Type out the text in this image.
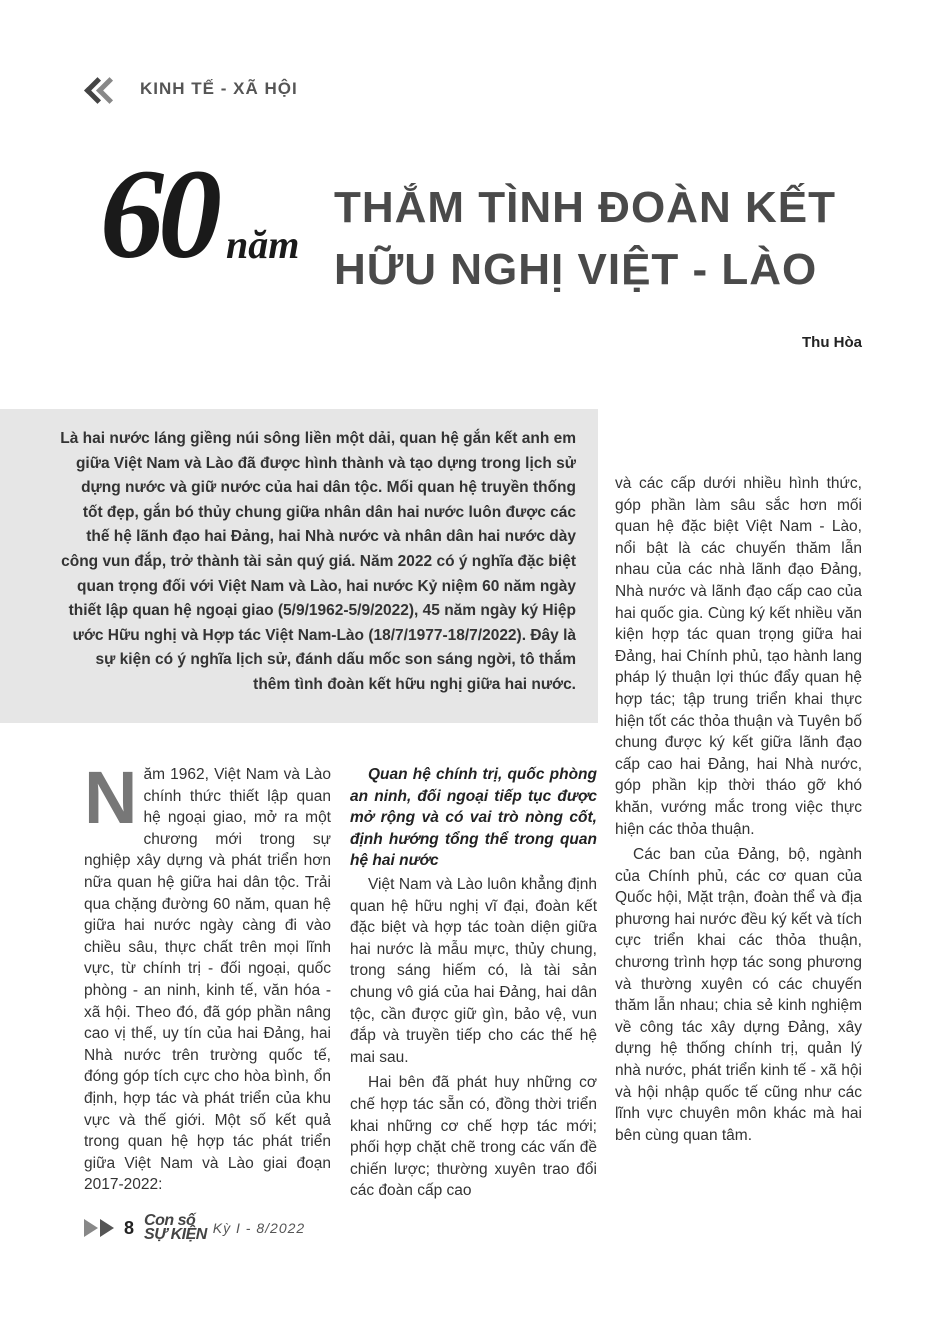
KINH TẾ - XÃ HỘI
60 năm
THẮM TÌNH ĐOÀN KẾT
HỮU NGHỊ VIỆT - LÀO
Thu Hòa

Là hai nước láng giềng núi sông liền một dải, quan hệ gắn kết anh em giữa Việt Nam và Lào đã được hình thành và tạo dựng trong lịch sử dựng nước và giữ nước của hai dân tộc. Mối quan hệ truyền thống tốt đẹp, gắn bó thủy chung giữa nhân dân hai nước luôn được các thế hệ lãnh đạo hai Đảng, hai Nhà nước và nhân dân hai nước dày công vun đắp, trở thành tài sản quý giá. Năm 2022 có ý nghĩa đặc biệt quan trọng đối với Việt Nam và Lào, hai nước Kỷ niệm 60 năm ngày thiết lập quan hệ ngoại giao (5/9/1962-5/9/2022), 45 năm ngày ký Hiệp ước Hữu nghị và Hợp tác Việt Nam-Lào (18/7/1977-18/7/2022). Đây là sự kiện có ý nghĩa lịch sử, đánh dấu mốc son sáng ngời, tô thắm thêm tình đoàn kết hữu nghị giữa hai nước.

N ăm 1962, Việt Nam và Lào chính thức thiết lập quan hệ ngoại giao, mở ra một chương mới trong sự nghiệp xây dựng và phát triển hơn nữa quan hệ giữa hai dân tộc. Trải qua chặng đường 60 năm, quan hệ giữa hai nước ngày càng đi vào chiều sâu, thực chất trên mọi lĩnh vực, từ chính trị - đối ngoại, quốc phòng - an ninh, kinh tế, văn hóa - xã hội. Theo đó, đã góp phần nâng cao vị thế, uy tín của hai Đảng, hai Nhà nước trên trường quốc tế, đóng góp tích cực cho hòa bình, ổn định, hợp tác và phát triển của khu vực và thế giới. Một số kết quả trong quan hệ hợp tác phát triển giữa Việt Nam và Lào giai đoạn 2017-2022:

Quan hệ chính trị, quốc phòng an ninh, đối ngoại tiếp tục được mở rộng và có vai trò nòng cốt, định hướng tổng thể trong quan hệ hai nước

Việt Nam và Lào luôn khẳng định quan hệ hữu nghị vĩ đại, đoàn kết đặc biệt và hợp tác toàn diện giữa hai nước là mẫu mực, thủy chung, trong sáng hiếm có, là tài sản chung vô giá của hai Đảng, hai dân tộc, cần được giữ gìn, bảo vệ, vun đắp và truyền tiếp cho các thế hệ mai sau.

Hai bên đã phát huy những cơ chế hợp tác sẵn có, đồng thời triển khai những cơ chế hợp tác mới; phối hợp chặt chẽ trong các vấn đề chiến lược; thường xuyên trao đổi các đoàn cấp cao

và các cấp dưới nhiều hình thức, góp phần làm sâu sắc hơn mối quan hệ đặc biệt Việt Nam - Lào, nổi bật là các chuyến thăm lẫn nhau của các nhà lãnh đạo Đảng, Nhà nước và lãnh đạo cấp cao của hai quốc gia. Cùng ký kết nhiều văn kiện hợp tác quan trọng giữa hai Đảng, hai Chính phủ, tạo hành lang pháp lý thuận lợi thúc đẩy quan hệ hợp tác; tập trung triển khai thực hiện tốt các thỏa thuận và Tuyên bố chung được ký kết giữa lãnh đạo cấp cao hai Đảng, hai Nhà nước, góp phần kịp thời tháo gỡ khó khăn, vướng mắc trong việc thực hiện các thỏa thuận.

Các ban của Đảng, bộ, ngành của Chính phủ, các cơ quan của Quốc hội, Mặt trận, đoàn thể và địa phương hai nước đều ký kết và tích cực triển khai các thỏa thuận, chương trình hợp tác song phương và thường xuyên có các chuyến thăm lẫn nhau; chia sẻ kinh nghiệm về công tác xây dựng Đảng, xây dựng hệ thống chính trị, quản lý nhà nước, phát triển kinh tế - xã hội và hội nhập quốc tế cũng như các lĩnh vực chuyên môn khác mà hai bên cùng quan tâm.

8 Con số
SỰ KIỆN Kỳ I - 8/2022
